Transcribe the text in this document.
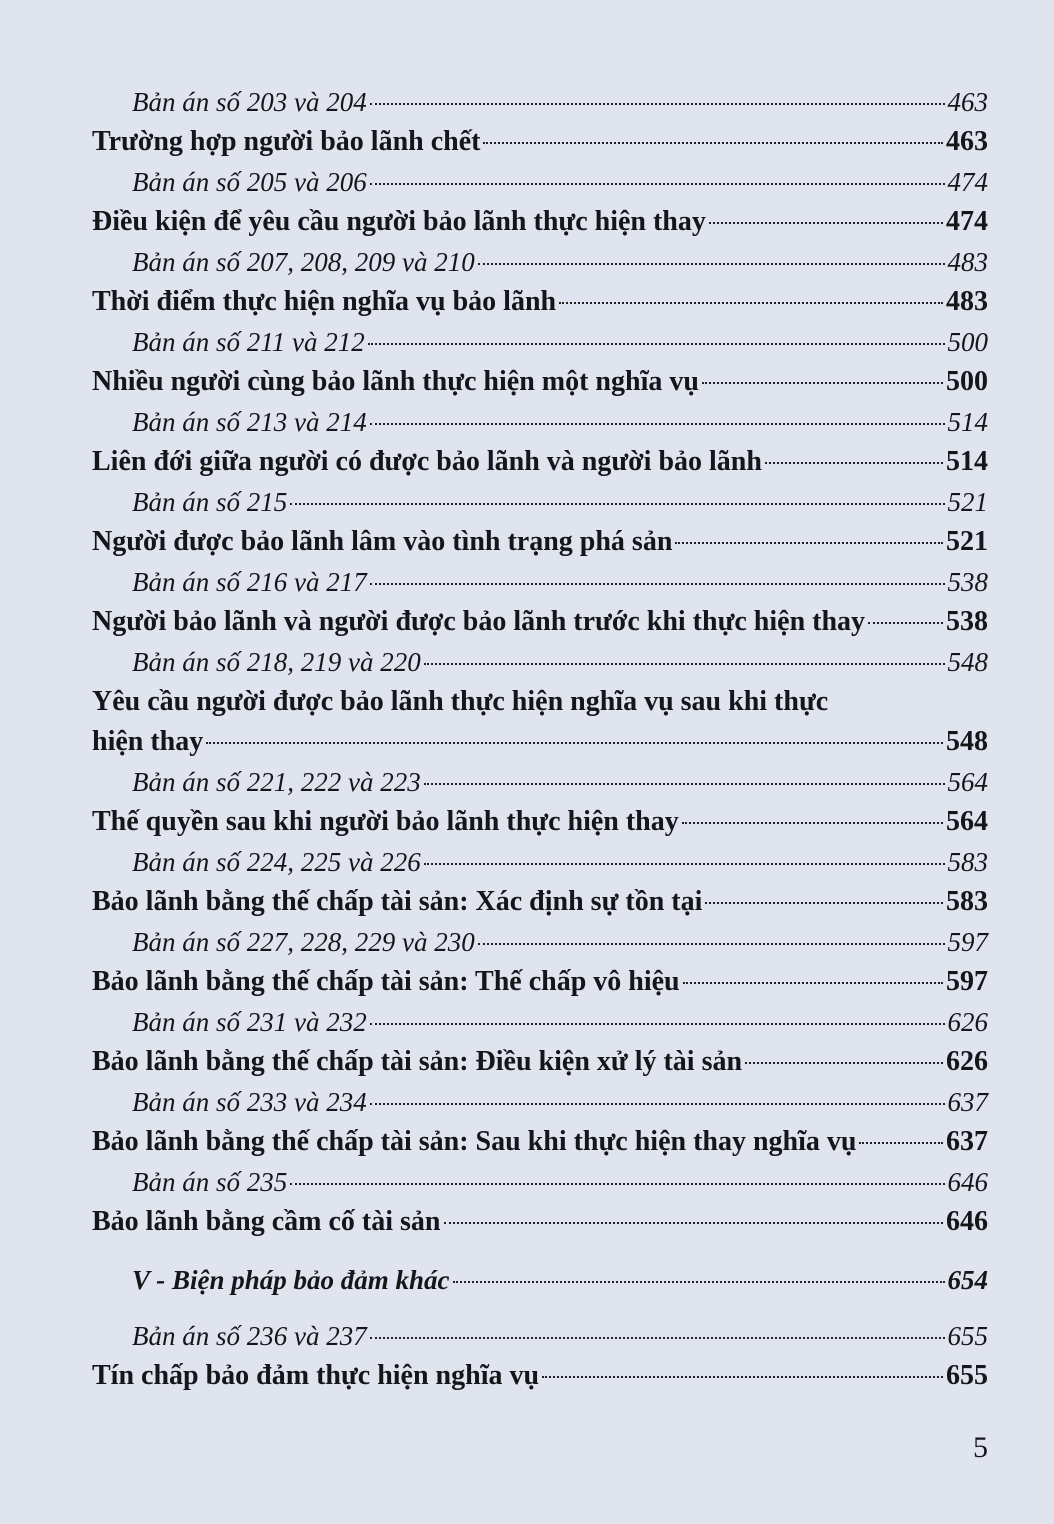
Bản án số 203 và 204	463
Trường hợp người bảo lãnh chết	463
Bản án số 205 và 206	474
Điều kiện để yêu cầu người bảo lãnh thực hiện thay	474
Bản án số 207, 208, 209 và 210	483
Thời điểm thực hiện nghĩa vụ bảo lãnh	483
Bản án số 211 và 212	500
Nhiều người cùng bảo lãnh thực hiện một nghĩa vụ	500
Bản án số 213 và 214	514
Liên đới giữa người có được bảo lãnh và người bảo lãnh	514
Bản án số 215	521
Người được bảo lãnh lâm vào tình trạng phá sản	521
Bản án số 216 và 217	538
Người bảo lãnh và người được bảo lãnh trước khi thực hiện thay	538
Bản án số 218, 219 và 220	548
Yêu cầu người được bảo lãnh thực hiện nghĩa vụ sau khi thực
hiện thay	548
Bản án số 221, 222 và 223	564
Thế quyền sau khi người bảo lãnh thực hiện thay	564
Bản án số 224, 225 và 226	583
Bảo lãnh bằng thế chấp tài sản: Xác định sự tồn tại	583
Bản án số 227, 228, 229 và 230	597
Bảo lãnh bằng thế chấp tài sản: Thế chấp vô hiệu	597
Bản án số 231 và 232	626
Bảo lãnh bằng thế chấp tài sản: Điều kiện xử lý tài sản	626
Bản án số 233 và 234	637
Bảo lãnh bằng thế chấp tài sản: Sau khi thực hiện thay nghĩa vụ	637
Bản án số 235	646
Bảo lãnh bằng cầm cố tài sản	646
V - Biện pháp bảo đảm khác	654
Bản án số 236 và 237	655
Tín chấp bảo đảm thực hiện nghĩa vụ	655
5
